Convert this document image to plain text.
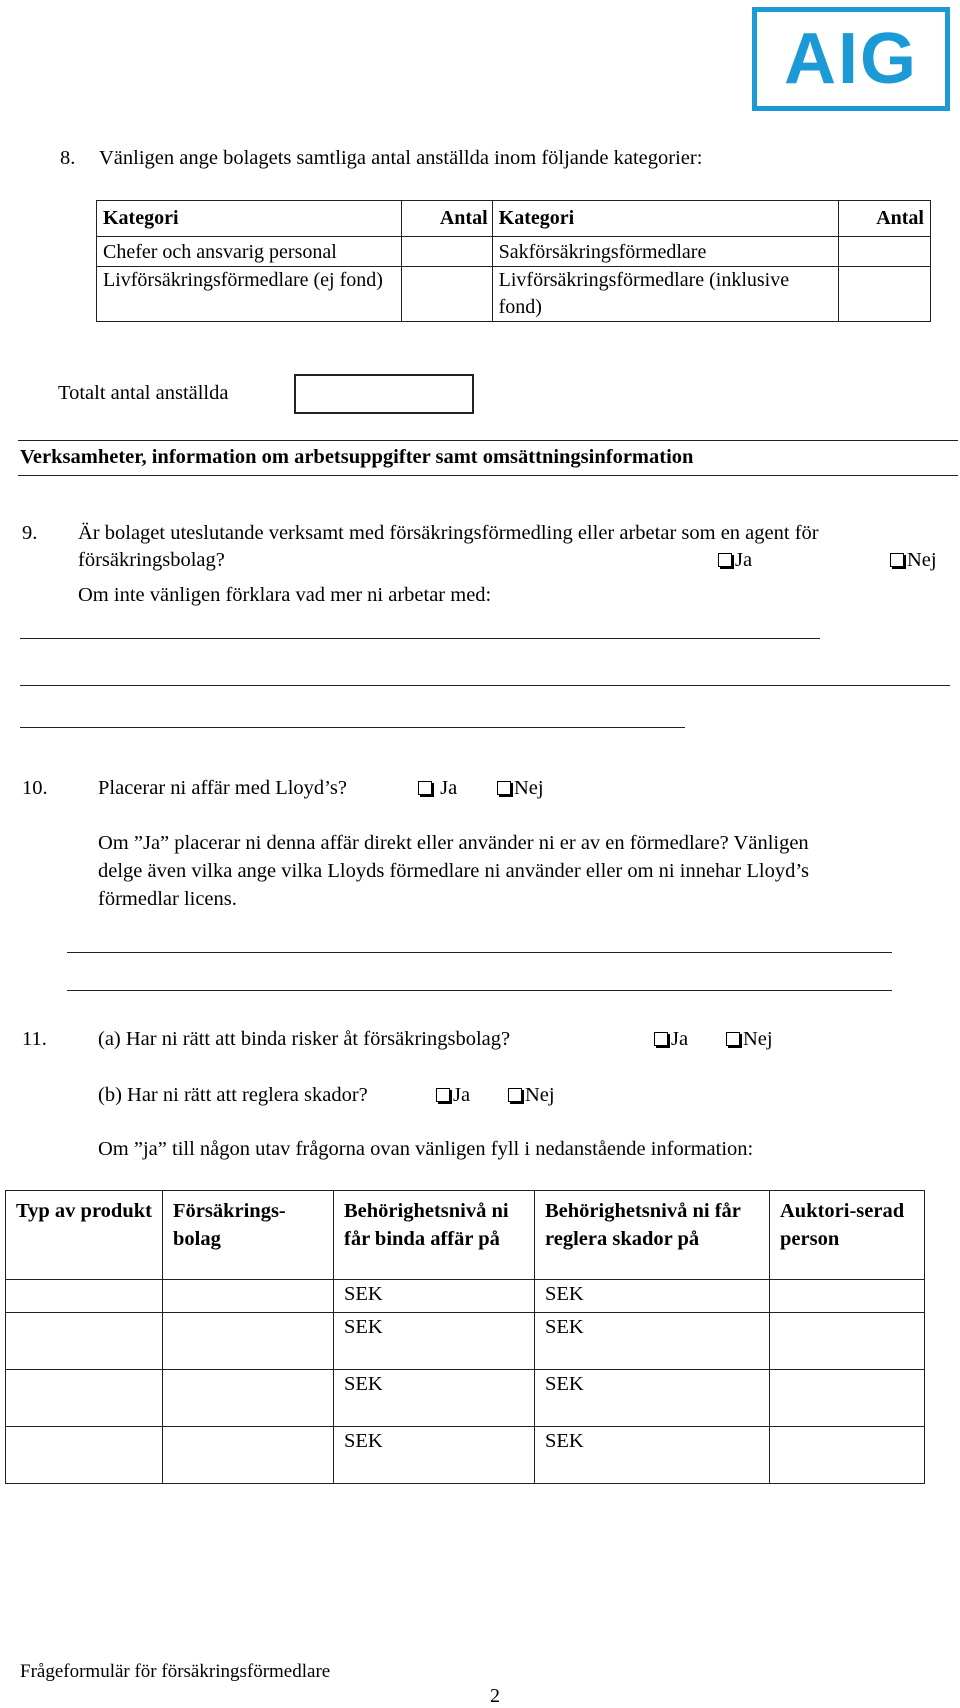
AIG
8. Vänligen ange bolagets samtliga antal anställda inom följande kategorier:
Kategori	Antal	Kategori	Antal
Chefer och ansvarig personal		Sakförsäkringsförmedlare	
Livförsäkringsförmedlare (ej fond)		Livförsäkringsförmedlare (inklusive fond)	
Totalt antal anställda
Verksamheter, information om arbetsuppgifter samt omsättningsinformation
9. Är bolaget uteslutande verksamt med försäkringsförmedling eller arbetar som en agent för
försäkringsbolag?	Ja	Nej
Om inte vänligen förklara vad mer ni arbetar med:
10. Placerar ni affär med Lloyd’s?	Ja	Nej
Om ”Ja” placerar ni denna affär direkt eller använder ni er av en förmedlare? Vänligen
delge även vilka ange vilka Lloyds förmedlare ni använder eller om ni innehar Lloyd’s
förmedlar licens.
11. (a) Har ni rätt att binda risker åt försäkringsbolag?	Ja	Nej
(b) Har ni rätt att reglera skador?	Ja	Nej
Om ”ja” till någon utav frågorna ovan vänligen fyll i nedanstående information:
Typ av produkt	Försäkrings-bolag	Behörighetsnivå ni får binda affär på	Behörighetsnivå ni får reglera skador på	Auktori-serad person
		SEK	SEK	
		SEK	SEK	
		SEK	SEK	
		SEK	SEK	
Frågeformulär för försäkringsförmedlare
2
